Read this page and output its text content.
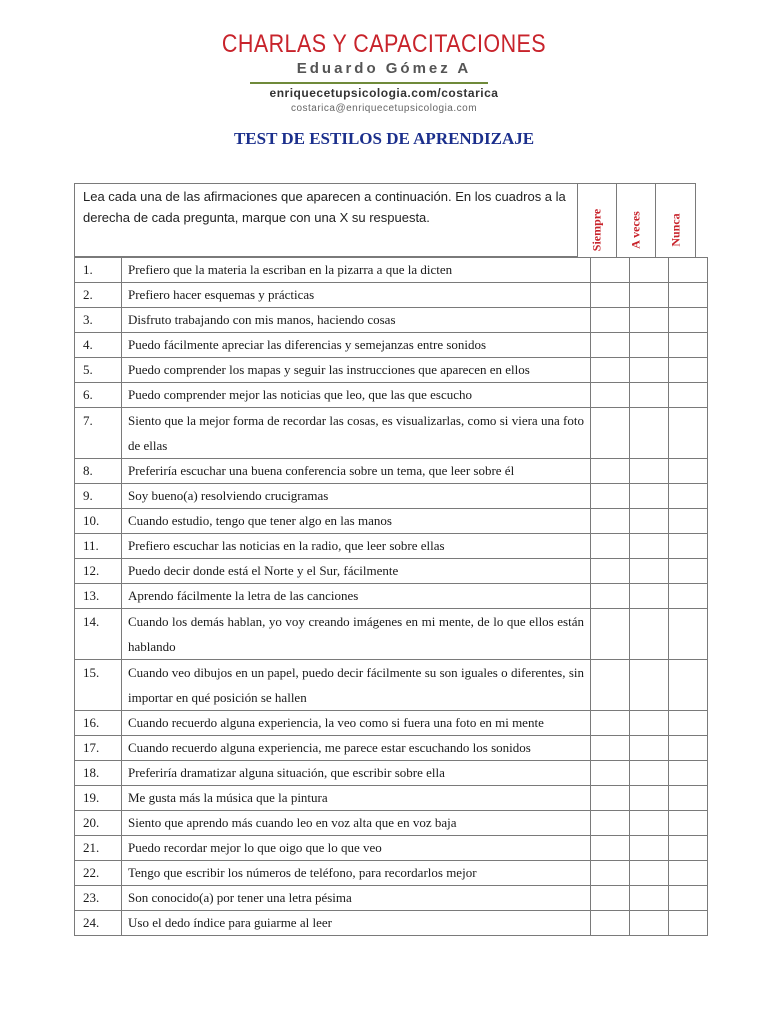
CHARLAS Y CAPACITACIONES
Eduardo Gómez A
enriquecetupsicologia.com/costarica
costarica@enriquecetupsicologia.com
TEST DE ESTILOS DE APRENDIZAJE
Lea cada una de las afirmaciones que aparecen a continuación. En los cuadros a la derecha de cada pregunta, marque con una X su respuesta.	Siempre A veces Nunca
1.	Prefiero que la materia la escriban en la pizarra a que la dicten			
2.	Prefiero hacer esquemas y prácticas			
3.	Disfruto trabajando con mis manos, haciendo cosas			
4.	Puedo fácilmente apreciar las diferencias y semejanzas entre sonidos			
5.	Puedo comprender los mapas y seguir las instrucciones que aparecen en ellos			
6.	Puedo comprender mejor las noticias que leo, que las que escucho			
7.	Siento que la mejor forma de recordar las cosas, es visualizarlas, como si viera una foto de ellas			
8.	Preferiría escuchar una buena conferencia sobre un tema, que leer sobre él			
9.	Soy bueno(a) resolviendo crucigramas			
10.	Cuando estudio, tengo que tener algo en las manos			
11.	Prefiero escuchar las noticias en la radio, que leer sobre ellas			
12.	Puedo decir donde está el Norte y el Sur, fácilmente			
13.	Aprendo fácilmente la letra de las canciones			
14.	Cuando los demás hablan, yo voy creando imágenes en mi mente, de lo que ellos están hablando			
15.	Cuando veo dibujos en un papel, puedo decir fácilmente su son iguales o diferentes, sin importar en qué posición se hallen			
16.	Cuando recuerdo alguna experiencia, la veo como si fuera una foto en mi mente			
17.	Cuando recuerdo alguna experiencia, me parece estar escuchando los sonidos			
18.	Preferiría dramatizar alguna situación, que escribir sobre ella			
19.	Me gusta más la música que la pintura			
20.	Siento que aprendo más cuando leo en voz alta que en voz baja			
21.	Puedo recordar mejor lo que oigo que lo que veo			
22.	Tengo que escribir los números de teléfono, para recordarlos mejor			
23.	Son conocido(a) por tener una letra pésima			
24.	Uso el dedo índice para guiarme al leer			
